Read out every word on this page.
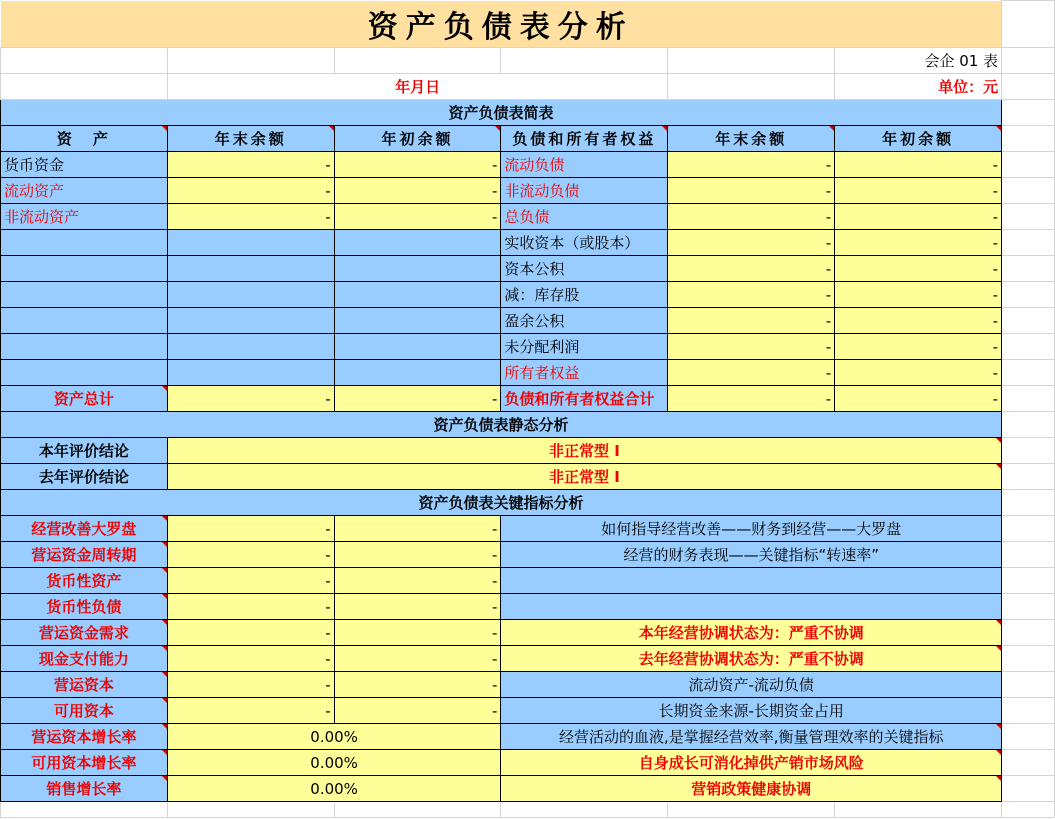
资产负债表分析						
					会企 01 表	
	年月日				单位：元	
资产负债表简表						
资　产	年末余额	年初余额	负债和所有者权益	年末余额	年初余额	
货币资金	-	-	流动负债	-	-	
流动资产	-	-	非流动负债	-	-	
非流动资产	-	-	总负债	-	-	
			实收资本（或股本）	-	-	
			资本公积	-	-	
			减：库存股	-	-	
			盈余公积	-	-	
			未分配利润	-	-	
			所有者权益	-	-	
资产总计	-	-	负债和所有者权益合计	-	-	
资产负债表静态分析						
本年评价结论	非正常型 I					
去年评价结论	非正常型 I					
资产负债表关键指标分析						
经营改善大罗盘	-	-	如何指导经营改善——财务到经营——大罗盘			
营运资金周转期	-	-	经营的财务表现——关键指标“转速率”			
货币性资产	-	-				
货币性负债	-	-				
营运资金需求	-	-	本年经营协调状态为：严重不协调			
现金支付能力	-	-	去年经营协调状态为：严重不协调			
营运资本	-	-	流动资产-流动负债			
可用资本	-	-	长期资金来源-长期资金占用			
营运资本增长率	0.00%		经营活动的血液,是掌握经营效率,衡量管理效率的关键指标			
可用资本增长率	0.00%		自身成长可消化掉供产销市场风险			
销售增长率	0.00%		营销政策健康协调			
